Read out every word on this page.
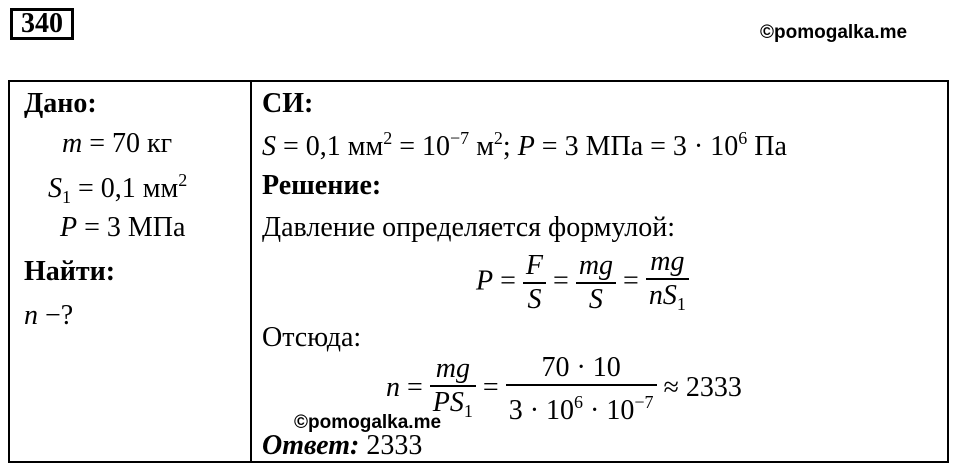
340	©pomogalka.me
Дано:
m = 70 кг
$S_1 = 0,1$ $мм^2$
P = 3 МПа
Найти:
n −?
СИ:
S = 0,1 $мм^2 = 10^{-7}$ $м^2$; P = 3 МПа = $3 \cdot 10^6$ Па
Решение:
Давление определяется формулой:
$P = \frac{F}{S} = \frac{mg}{S} = \frac{mg}{nS_1}$
Отсюда:
$n = \frac{mg}{PS_1} = \frac{70 \cdot 10}{3 \cdot 10^6 \cdot 10^{-7}} \approx 2333$
©pomogalka.me
Ответ: 2333
